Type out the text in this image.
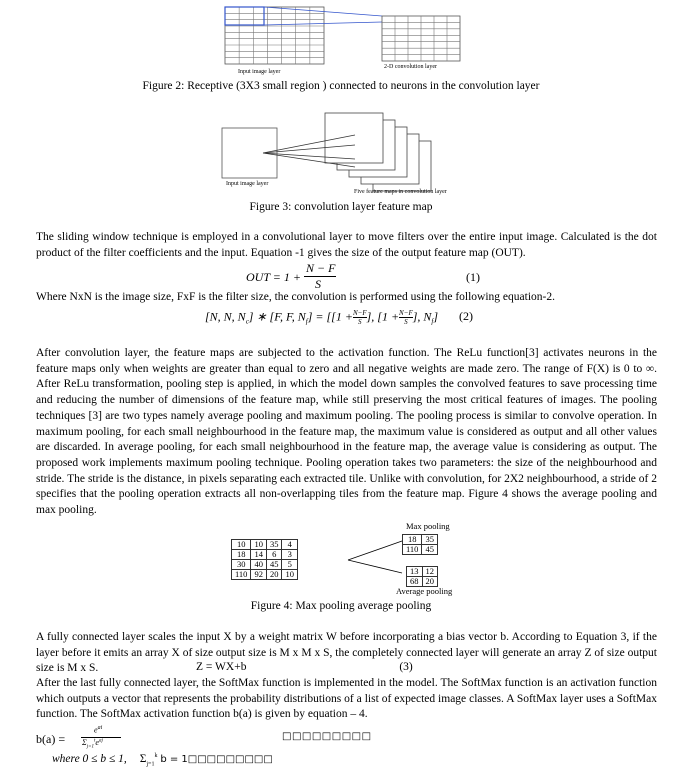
Input image layer
2-D convolution layer
Figure 2: Receptive (3X3 small region ) connected to neurons in the convolution layer
Input image layer
Five feature maps in convolution layer
Figure 3: convolution layer feature map
The sliding window technique is employed in a convolutional layer to move filters over the entire input image. Calculated is the dot product of the filter coefficients and the input. Equation -1 gives the size of the output feature map (OUT).
OUT = 1 +
N − F
S	(1)
Where NxN is the image size, FxF is the filter size, the convolution is performed using the following equation-2.
[N, N, $N_c$] ∗ [F, F, $N_f] = [[1 + \frac{N-F}{S}$ ], [$1 + \frac{N-F}{S}$ ], $N_f$] (2)
After convolution layer, the feature maps are subjected to the activation function. The ReLu function[3] activates neurons in the feature maps only when weights are greater than equal to zero and all negative weights are made zero. The range of F(X) is 0 to ∞. After ReLu transformation, pooling step is applied, in which the model down samples the convolved features to save processing time and reducing the number of dimensions of the feature map, while still preserving the most critical features of images. The pooling techniques [3] are two types namely average pooling and maximum pooling. The pooling process is similar to convolve operation. In maximum pooling, for each small neighbourhood in the feature map, the maximum value is considered as output and all other values are discarded. In average pooling, for each small neighbourhood in the feature map, the average value is considering as output. The proposed work implements maximum pooling technique. Pooling operation takes two parameters: the size of the neighbourhood and stride. The stride is the distance, in pixels separating each extracted tile. Unlike with convolution, for 2X2 neighbourhood, a stride of 2 specifies that the pooling operation extracts all non-overlapping tiles from the feature map. Figure 4 shows the average pooling and max pooling.
Max pooling
10	10	35	4
18	14	6	3
30	40	45	5
110	92	20	10
18	35
110	45
13	12
68	20
Average pooling
Figure 4: Max pooling average pooling
A fully connected layer scales the input X by a weight matrix W before incorporating a bias vector b. According to Equation 3, if the layer before it emits an array X of size output size is M x M x S, the completely connected layer will generate an array Z of size output size is M x S.	Z = WX+b	(3)
After the last fully connected layer, the SoftMax function is implemented in the model. The SoftMax function is an activation function which outputs a vector that represents the probability distributions of a list of expected image classes. A SoftMax layer uses a SoftMax function. The SoftMax activation function b(a) is given by equation – 4.
b(a) =
$e^{ai}$
$\Sigma_{j=1}^te^{aj}$	□□□□□□□□□
where 0 ≤ b ≤ 1, $\Sigma_{j=1}^k$ b = 1□□□□□□□□□
